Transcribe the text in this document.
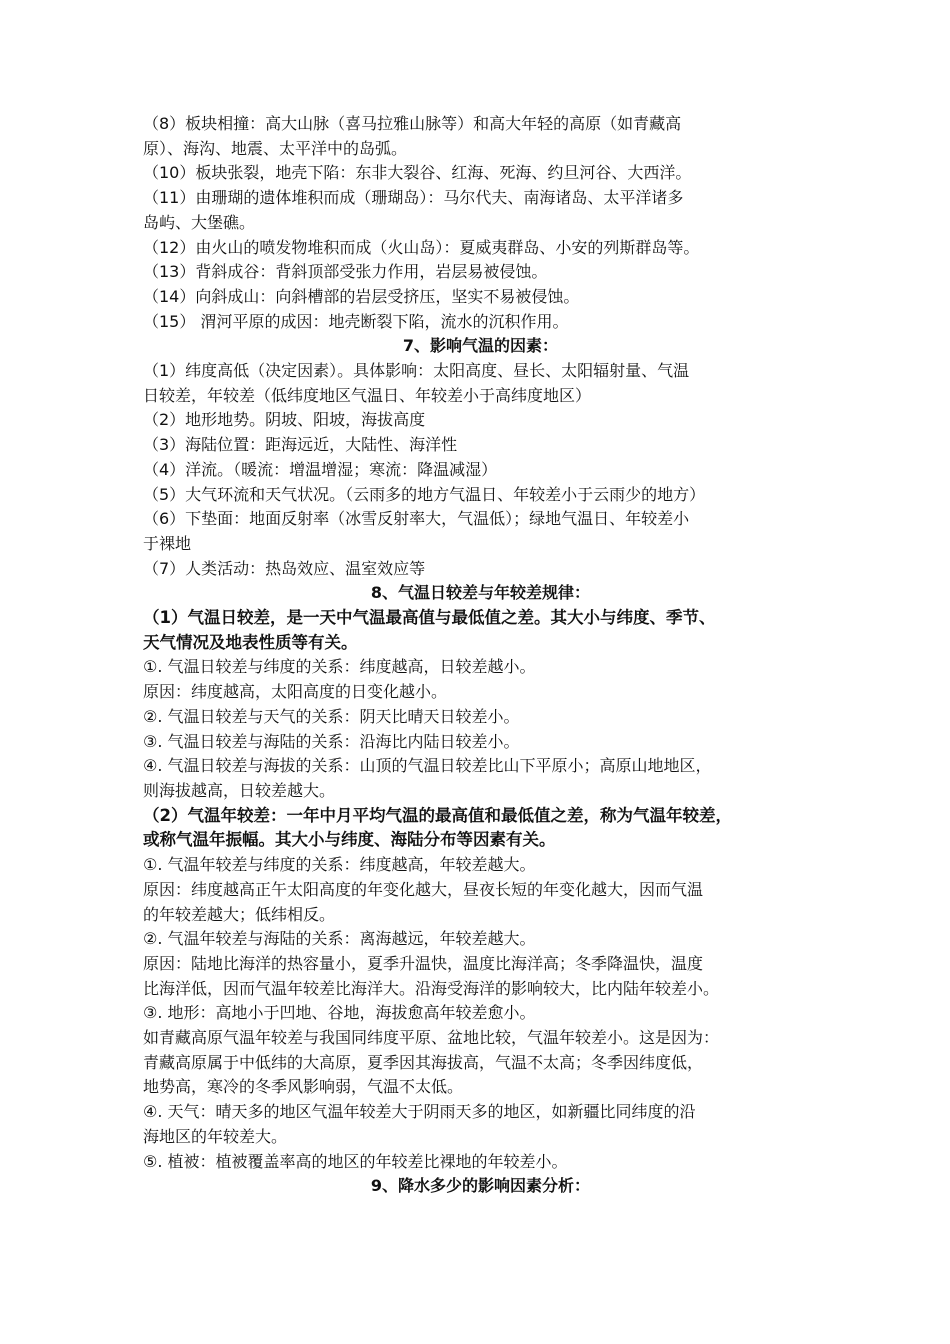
（8）板块相撞：高大山脉（喜马拉雅山脉等）和高大年轻的高原（如青藏高

原）、海沟、地震、太平洋中的岛弧。

（10）板块张裂，地壳下陷：东非大裂谷、红海、死海、约旦河谷、大西洋。

（11）由珊瑚的遗体堆积而成（珊瑚岛）：马尔代夫、南海诸岛、太平洋诸多

岛屿、大堡礁。

（12）由火山的喷发物堆积而成（火山岛）：夏威夷群岛、小安的列斯群岛等。

（13）背斜成谷：背斜顶部受张力作用，岩层易被侵蚀。

（14）向斜成山：向斜槽部的岩层受挤压，坚实不易被侵蚀。

（15） 渭河平原的成因：地壳断裂下陷，流水的沉积作用。

7、影响气温的因素：

（1）纬度高低（决定因素）。具体影响：太阳高度、昼长、太阳辐射量、气温

日较差，年较差（低纬度地区气温日、年较差小于高纬度地区）

（2）地形地势。阴坡、阳坡，海拔高度

（3）海陆位置：距海远近，大陆性、海洋性

（4）洋流。（暖流：增温增湿；寒流：降温减湿）

（5）大气环流和天气状况。（云雨多的地方气温日、年较差小于云雨少的地方）

（6）下垫面：地面反射率（冰雪反射率大，气温低）；绿地气温日、年较差小

于裸地

（7）人类活动：热岛效应、温室效应等

8、气温日较差与年较差规律：

（1）气温日较差，是一天中气温最高值与最低值之差。其大小与纬度、季节、

天气情况及地表性质等有关。

①. 气温日较差与纬度的关系：纬度越高，日较差越小。

原因：纬度越高，太阳高度的日变化越小。

②. 气温日较差与天气的关系：阴天比晴天日较差小。

③. 气温日较差与海陆的关系：沿海比内陆日较差小。

④. 气温日较差与海拔的关系：山顶的气温日较差比山下平原小；高原山地地区，

则海拔越高，日较差越大。

（2）气温年较差：一年中月平均气温的最高值和最低值之差，称为气温年较差，

或称气温年振幅。其大小与纬度、海陆分布等因素有关。

①. 气温年较差与纬度的关系：纬度越高，年较差越大。

原因：纬度越高正午太阳高度的年变化越大，昼夜长短的年变化越大，因而气温

的年较差越大；低纬相反。

②. 气温年较差与海陆的关系：离海越远，年较差越大。

原因：陆地比海洋的热容量小，夏季升温快，温度比海洋高；冬季降温快，温度

比海洋低，因而气温年较差比海洋大。沿海受海洋的影响较大，比内陆年较差小。

③. 地形：高地小于凹地、谷地，海拔愈高年较差愈小。

如青藏高原气温年较差与我国同纬度平原、盆地比较，气温年较差小。这是因为：

青藏高原属于中低纬的大高原，夏季因其海拔高，气温不太高；冬季因纬度低，

地势高，寒冷的冬季风影响弱，气温不太低。

④. 天气：晴天多的地区气温年较差大于阴雨天多的地区，如新疆比同纬度的沿

海地区的年较差大。

⑤. 植被：植被覆盖率高的地区的年较差比裸地的年较差小。

9、降水多少的影响因素分析：
